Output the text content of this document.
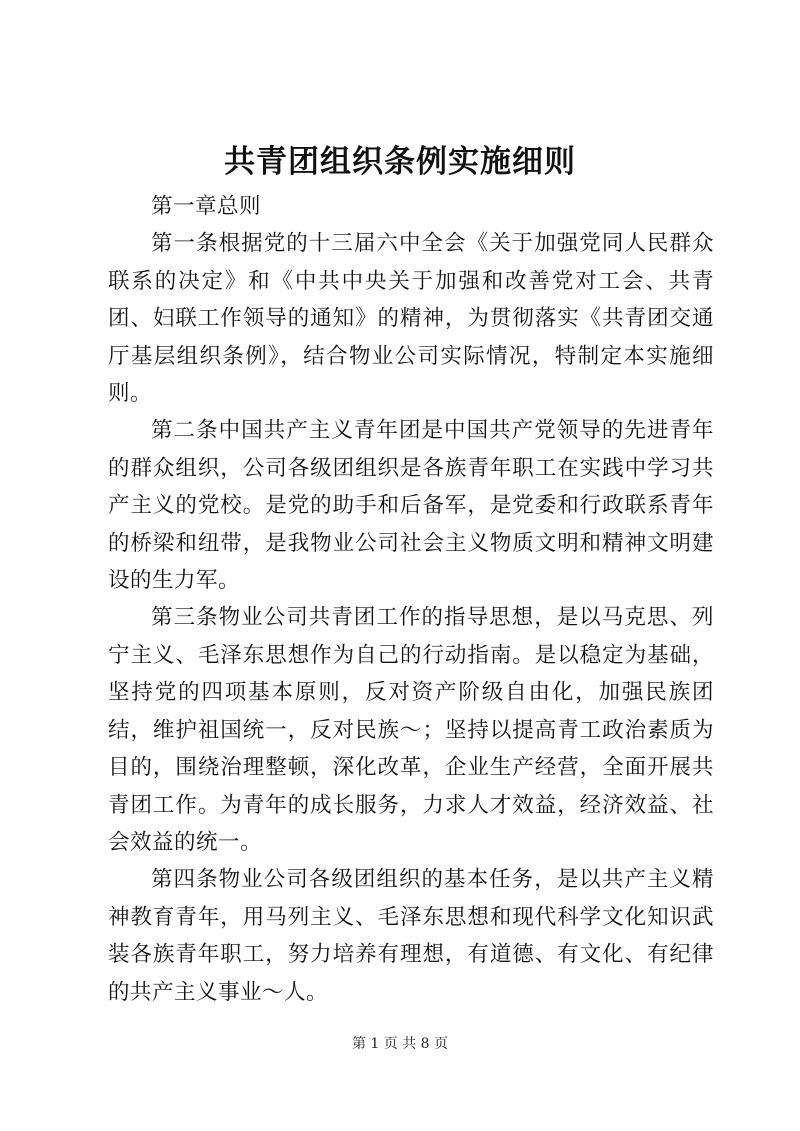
共青团组织条例实施细则

第一章总则

第一条根据党的十三届六中全会《关于加强党同人民群众联系的决定》和《中共中央关于加强和改善党对工会、共青团、妇联工作领导的通知》的精神，为贯彻落实《共青团交通厅基层组织条例》，结合物业公司实际情况，特制定本实施细则。

第二条中国共产主义青年团是中国共产党领导的先进青年的群众组织，公司各级团组织是各族青年职工在实践中学习共产主义的党校。是党的助手和后备军，是党委和行政联系青年的桥梁和纽带，是我物业公司社会主义物质文明和精神文明建设的生力军。

第三条物业公司共青团工作的指导思想，是以马克思、列宁主义、毛泽东思想作为自己的行动指南。是以稳定为基础，坚持党的四项基本原则，反对资产阶级自由化，加强民族团结，维护祖国统一，反对民族～；坚持以提高青工政治素质为目的，围绕治理整顿，深化改革，企业生产经营，全面开展共青团工作。为青年的成长服务，力求人才效益，经济效益、社会效益的统一。

第四条物业公司各级团组织的基本任务，是以共产主义精神教育青年，用马列主义、毛泽东思想和现代科学文化知识武装各族青年职工，努力培养有理想，有道德、有文化、有纪律的共产主义事业～人。

第 1 页 共 8 页
